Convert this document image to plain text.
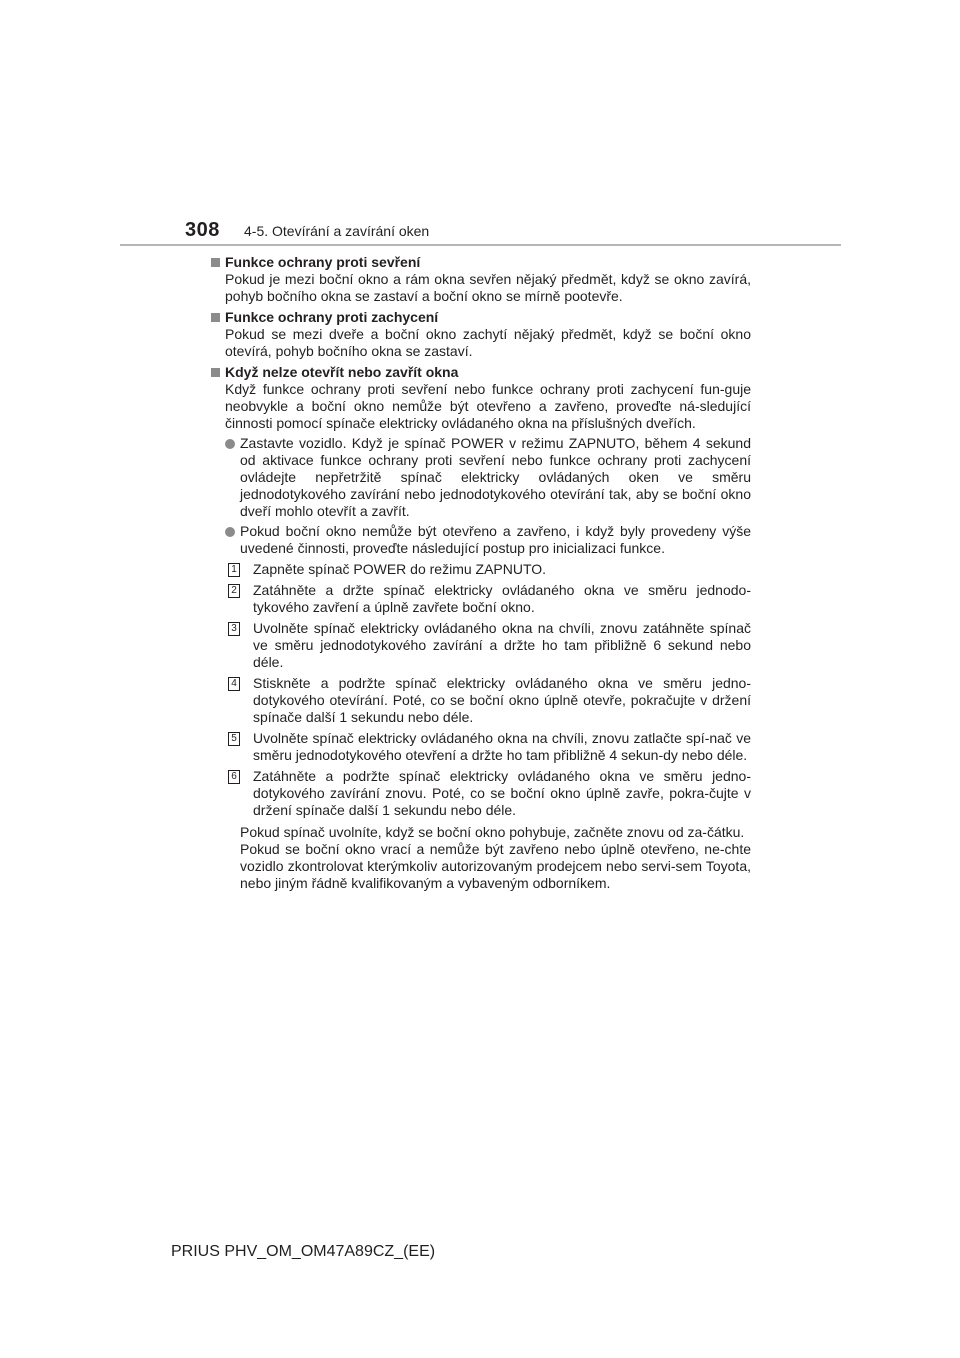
308 4-5. Otevírání a zavírání oken
Funkce ochrany proti sevření
Pokud je mezi boční okno a rám okna sevřen nějaký předmět, když se okno zavírá, pohyb bočního okna se zastaví a boční okno se mírně pootevře.
Funkce ochrany proti zachycení
Pokud se mezi dveře a boční okno zachytí nějaký předmět, když se boční okno otevírá, pohyb bočního okna se zastaví.
Když nelze otevřít nebo zavřít okna
Když funkce ochrany proti sevření nebo funkce ochrany proti zachycení fun-guje neobvykle a boční okno nemůže být otevřeno a zavřeno, proveďte ná-sledující činnosti pomocí spínače elektricky ovládaného okna na příslušných dveřích.
Zastavte vozidlo. Když je spínač POWER v režimu ZAPNUTO, během 4 sekund od aktivace funkce ochrany proti sevření nebo funkce ochrany proti zachycení ovládejte nepřetržitě spínač elektricky ovládaných oken ve směru jednodotykového zavírání nebo jednodotykového otevírání tak, aby se boční okno dveří mohlo otevřít a zavřít.
Pokud boční okno nemůže být otevřeno a zavřeno, i když byly provedeny výše uvedené činnosti, proveďte následující postup pro inicializaci funkce.
1 Zapněte spínač POWER do režimu ZAPNUTO.
2 Zatáhněte a držte spínač elektricky ovládaného okna ve směru jednodo-tykového zavření a úplně zavřete boční okno.
3 Uvolněte spínač elektricky ovládaného okna na chvíli, znovu zatáhněte spínač ve směru jednodotykového zavírání a držte ho tam přibližně 6 sekund nebo déle.
4 Stiskněte a podržte spínač elektricky ovládaného okna ve směru jedno-dotykového otevírání. Poté, co se boční okno úplně otevře, pokračujte v držení spínače další 1 sekundu nebo déle.
5 Uvolněte spínač elektricky ovládaného okna na chvíli, znovu zatlačte spí-nač ve směru jednodotykového otevření a držte ho tam přibližně 4 sekun-dy nebo déle.
6 Zatáhněte a podržte spínač elektricky ovládaného okna ve směru jedno-dotykového zavírání znovu. Poté, co se boční okno úplně zavře, pokra-čujte v držení spínače další 1 sekundu nebo déle.
Pokud spínač uvolníte, když se boční okno pohybuje, začněte znovu od za-čátku.
Pokud se boční okno vrací a nemůže být zavřeno nebo úplně otevřeno, ne-chte vozidlo zkontrolovat kterýmkoliv autorizovaným prodejcem nebo servi-sem Toyota, nebo jiným řádně kvalifikovaným a vybaveným odborníkem.
PRIUS PHV_OM_OM47A89CZ_(EE)
